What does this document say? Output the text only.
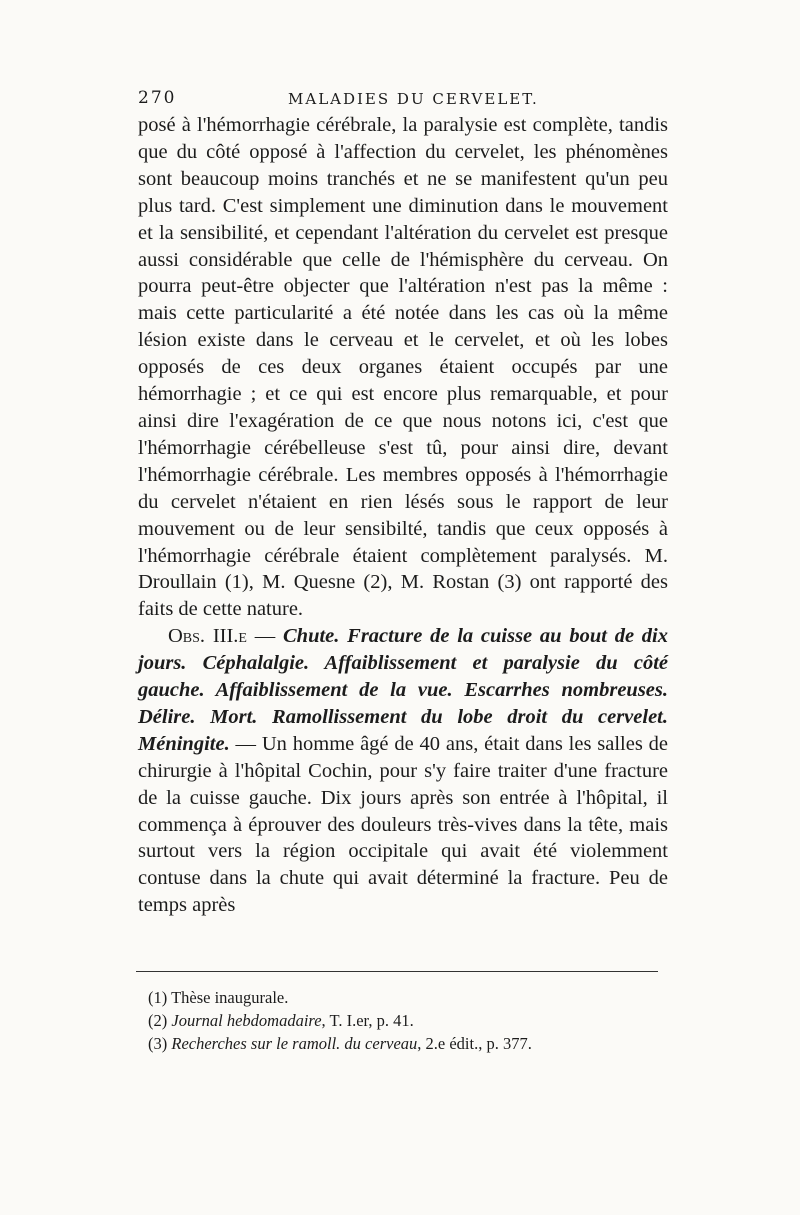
270	MALADIES DU CERVELET.

posé à l'hémorrhagie cérébrale, la paralysie est complète, tandis que du côté opposé à l'affection du cervelet, les phénomènes sont beaucoup moins tranchés et ne se manifestent qu'un peu plus tard. C'est simplement une diminution dans le mouvement et la sensibilité, et cependant l'altération du cervelet est presque aussi considérable que celle de l'hémisphère du cerveau. On pourra peut-être objecter que l'altération n'est pas la même : mais cette particularité a été notée dans les cas où la même lésion existe dans le cerveau et le cervelet, et où les lobes opposés de ces deux organes étaient occupés par une hémorrhagie ; et ce qui est encore plus remarquable, et pour ainsi dire l'exagération de ce que nous notons ici, c'est que l'hémorrhagie cérébelleuse s'est tû, pour ainsi dire, devant l'hémorrhagie cérébrale. Les membres opposés à l'hémorrhagie du cervelet n'étaient en rien lésés sous le rapport de leur mouvement ou de leur sensibilté, tandis que ceux opposés à l'hémorrhagie cérébrale étaient complètement paralysés. M. Droullain (1), M. Quesne (2), M. Rostan (3) ont rapporté des faits de cette nature.

Obs. III.e — Chute. Fracture de la cuisse au bout de dix jours. Céphalalgie. Affaiblissement et paralysie du côté gauche. Affaiblissement de la vue. Escarrhes nombreuses. Délire. Mort. Ramollissement du lobe droit du cervelet. Méningite. — Un homme âgé de 40 ans, était dans les salles de chirurgie à l'hôpital Cochin, pour s'y faire traiter d'une fracture de la cuisse gauche. Dix jours après son entrée à l'hôpital, il commença à éprouver des douleurs très-vives dans la tête, mais surtout vers la région occipitale qui avait été violemment contuse dans la chute qui avait déterminé la fracture. Peu de temps après

(1) Thèse inaugurale.
(2) Journal hebdomadaire, T. I.er, p. 41.
(3) Recherches sur le ramoll. du cerveau, 2.e édit., p. 377.
